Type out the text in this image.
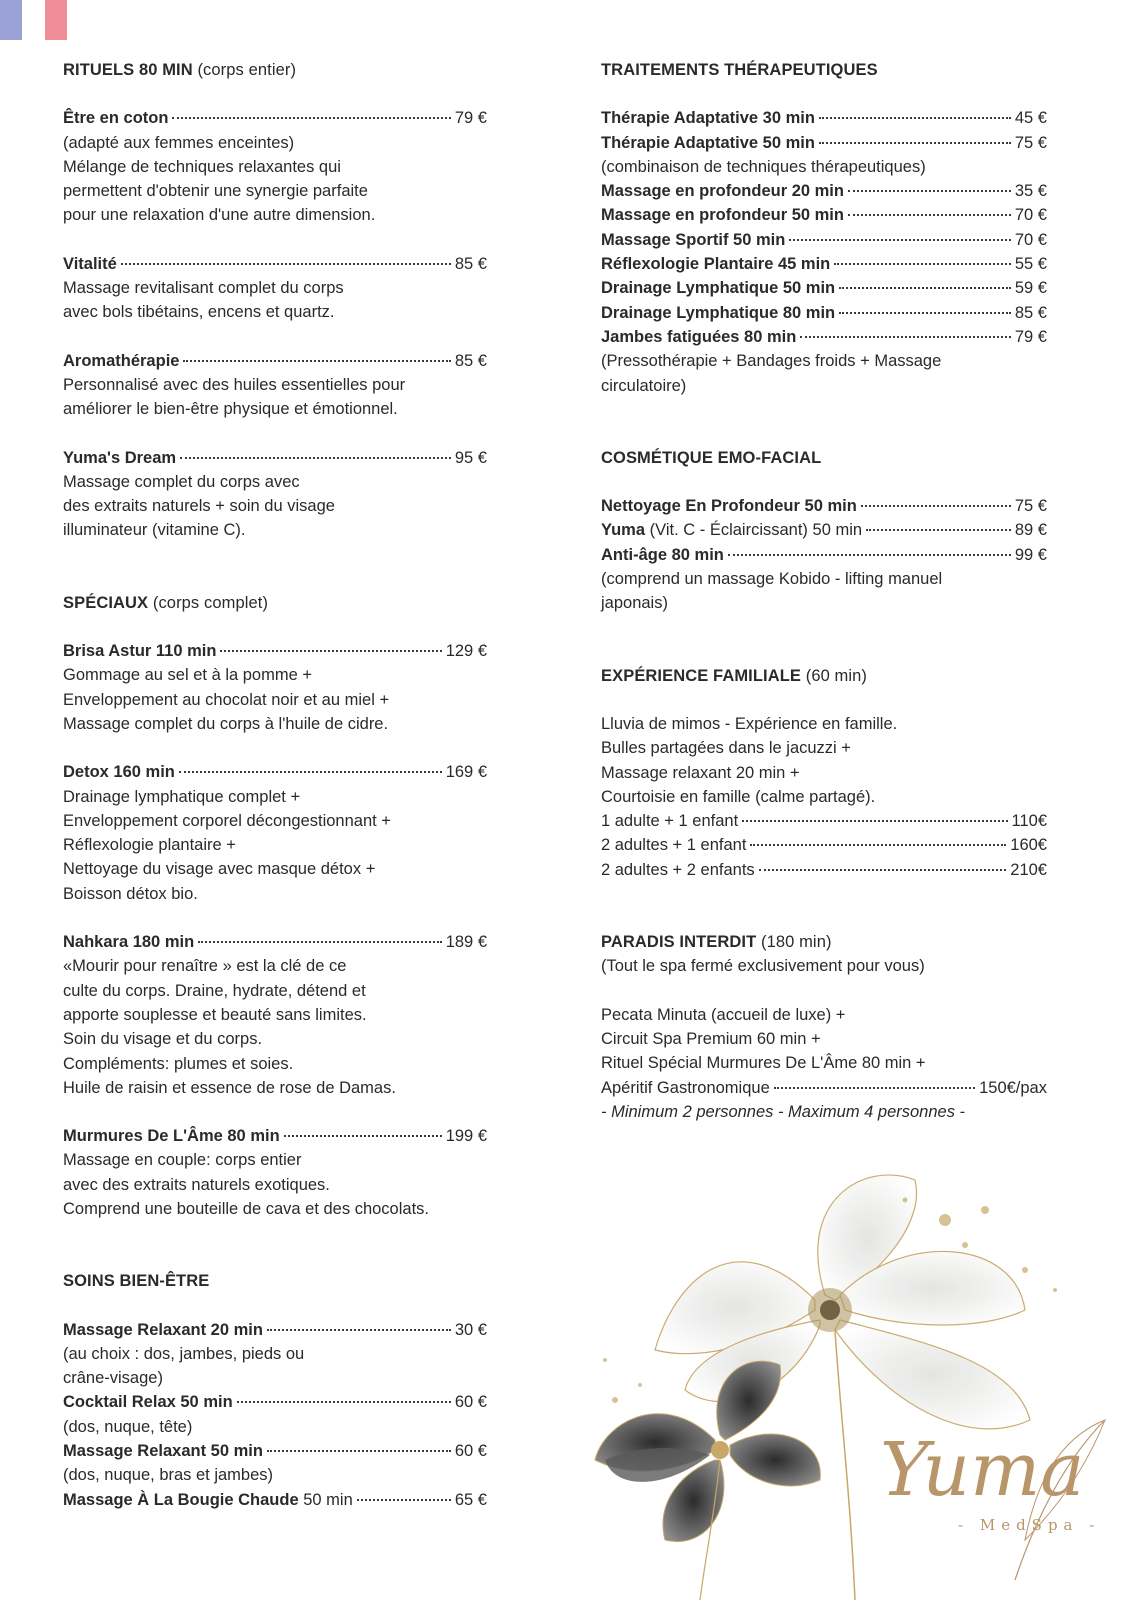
RITUELS 80 MIN (corps entier)
Être en coton	79 €
(adapté aux femmes enceintes)
Mélange de techniques relaxantes qui
permettent d'obtenir une synergie parfaite
pour une relaxation d'une autre dimension.
Vitalité	85 €
Massage revitalisant complet du corps
avec bols tibétains, encens et quartz.
Aromathérapie	85 €
Personnalisé avec des huiles essentielles pour
améliorer le bien-être physique et émotionnel.
Yuma's Dream	95 €
Massage complet du corps avec
des extraits naturels + soin du visage
illuminateur (vitamine C).
SPÉCIAUX (corps complet)
Brisa Astur 110 min	129 €
Gommage au sel et à la pomme +
Enveloppement au chocolat noir et au miel +
Massage complet du corps à l'huile de cidre.
Detox 160 min	169 €
Drainage lymphatique complet +
Enveloppement corporel décongestionnant +
Réflexologie plantaire +
Nettoyage du visage avec masque détox +
Boisson détox bio.
Nahkara 180 min	189 €
«Mourir pour renaître » est la clé de ce
culte du corps. Draine, hydrate, détend et
apporte souplesse et beauté sans limites.
Soin du visage et du corps.
Compléments: plumes et soies.
Huile de raisin et essence de rose de Damas.
Murmures De L'Âme 80 min	199 €
Massage en couple: corps entier
avec des extraits naturels exotiques.
Comprend une bouteille de cava et des chocolats.
SOINS BIEN-ÊTRE
Massage Relaxant 20 min	30 €
(au choix : dos, jambes, pieds ou
crâne-visage)
Cocktail Relax 50 min	60 €
(dos, nuque, tête)
Massage Relaxant 50 min	60 €
(dos, nuque, bras et jambes)
Massage À La Bougie Chaude 50 min	65 €
TRAITEMENTS THÉRAPEUTIQUES
Thérapie Adaptative 30 min	45 €
Thérapie Adaptative 50 min	75 €
(combinaison de techniques thérapeutiques)
Massage en profondeur 20 min	35 €
Massage en profondeur 50 min	70 €
Massage Sportif 50 min	70 €
Réflexologie Plantaire 45 min	55 €
Drainage Lymphatique 50 min	59 €
Drainage Lymphatique 80 min	85 €
Jambes fatiguées 80 min	79 €
(Pressothérapie + Bandages froids + Massage
circulatoire)
COSMÉTIQUE EMO-FACIAL
Nettoyage En Profondeur 50 min	75 €
Yuma (Vit. C - Éclaircissant) 50 min	89 €
Anti-âge 80 min	99 €
(comprend un massage Kobido - lifting manuel
japonais)
EXPÉRIENCE FAMILIALE (60 min)
Lluvia de mimos - Expérience en famille.
Bulles partagées dans le jacuzzi +
Massage relaxant 20 min +
Courtoisie en famille (calme partagé).
1 adulte + 1 enfant	110€
2 adultes + 1 enfant	160€
2 adultes + 2 enfants	210€
PARADIS INTERDIT (180 min)
(Tout le spa fermé exclusivement pour vous)
Pecata Minuta (accueil de luxe) +
Circuit Spa Premium 60 min +
Rituel Spécial Murmures De L'Âme 80 min +
Apéritif Gastronomique	150€/pax
- Minimum 2 personnes - Maximum 4 personnes -
Yuma
- MedSpa -
